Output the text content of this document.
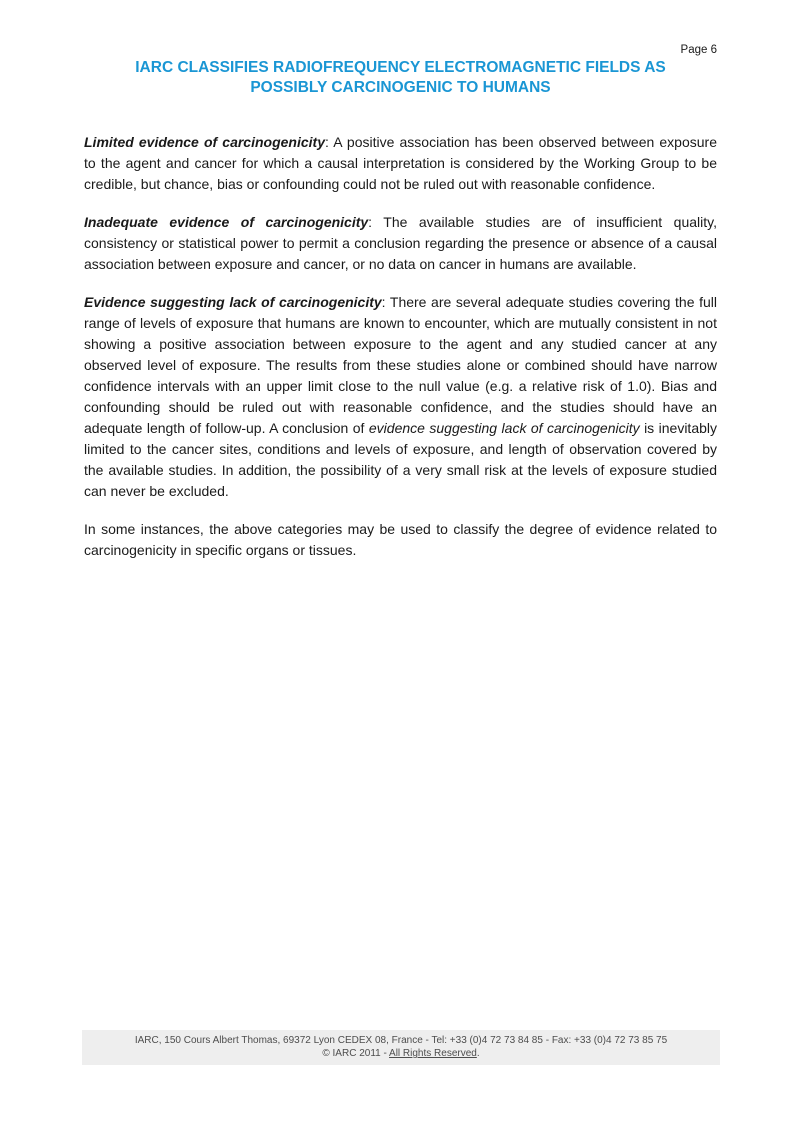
Page 6
IARC CLASSIFIES RADIOFREQUENCY ELECTROMAGNETIC FIELDS AS
POSSIBLY CARCINOGENIC TO HUMANS

Limited evidence of carcinogenicity: A positive association has been observed between exposure to the agent and cancer for which a causal interpretation is considered by the Working Group to be credible, but chance, bias or confounding could not be ruled out with reasonable confidence.

Inadequate evidence of carcinogenicity: The available studies are of insufficient quality, consistency or statistical power to permit a conclusion regarding the presence or absence of a causal association between exposure and cancer, or no data on cancer in humans are available.

Evidence suggesting lack of carcinogenicity: There are several adequate studies covering the full range of levels of exposure that humans are known to encounter, which are mutually consistent in not showing a positive association between exposure to the agent and any studied cancer at any observed level of exposure. The results from these studies alone or combined should have narrow confidence intervals with an upper limit close to the null value (e.g. a relative risk of 1.0). Bias and confounding should be ruled out with reasonable confidence, and the studies should have an adequate length of follow-up. A conclusion of evidence suggesting lack of carcinogenicity is inevitably limited to the cancer sites, conditions and levels of exposure, and length of observation covered by the available studies. In addition, the possibility of a very small risk at the levels of exposure studied can never be excluded.

In some instances, the above categories may be used to classify the degree of evidence related to carcinogenicity in specific organs or tissues.

IARC, 150 Cours Albert Thomas, 69372 Lyon CEDEX 08, France - Tel: +33 (0)4 72 73 84 85 - Fax: +33 (0)4 72 73 85 75
© IARC 2011 - All Rights Reserved.
